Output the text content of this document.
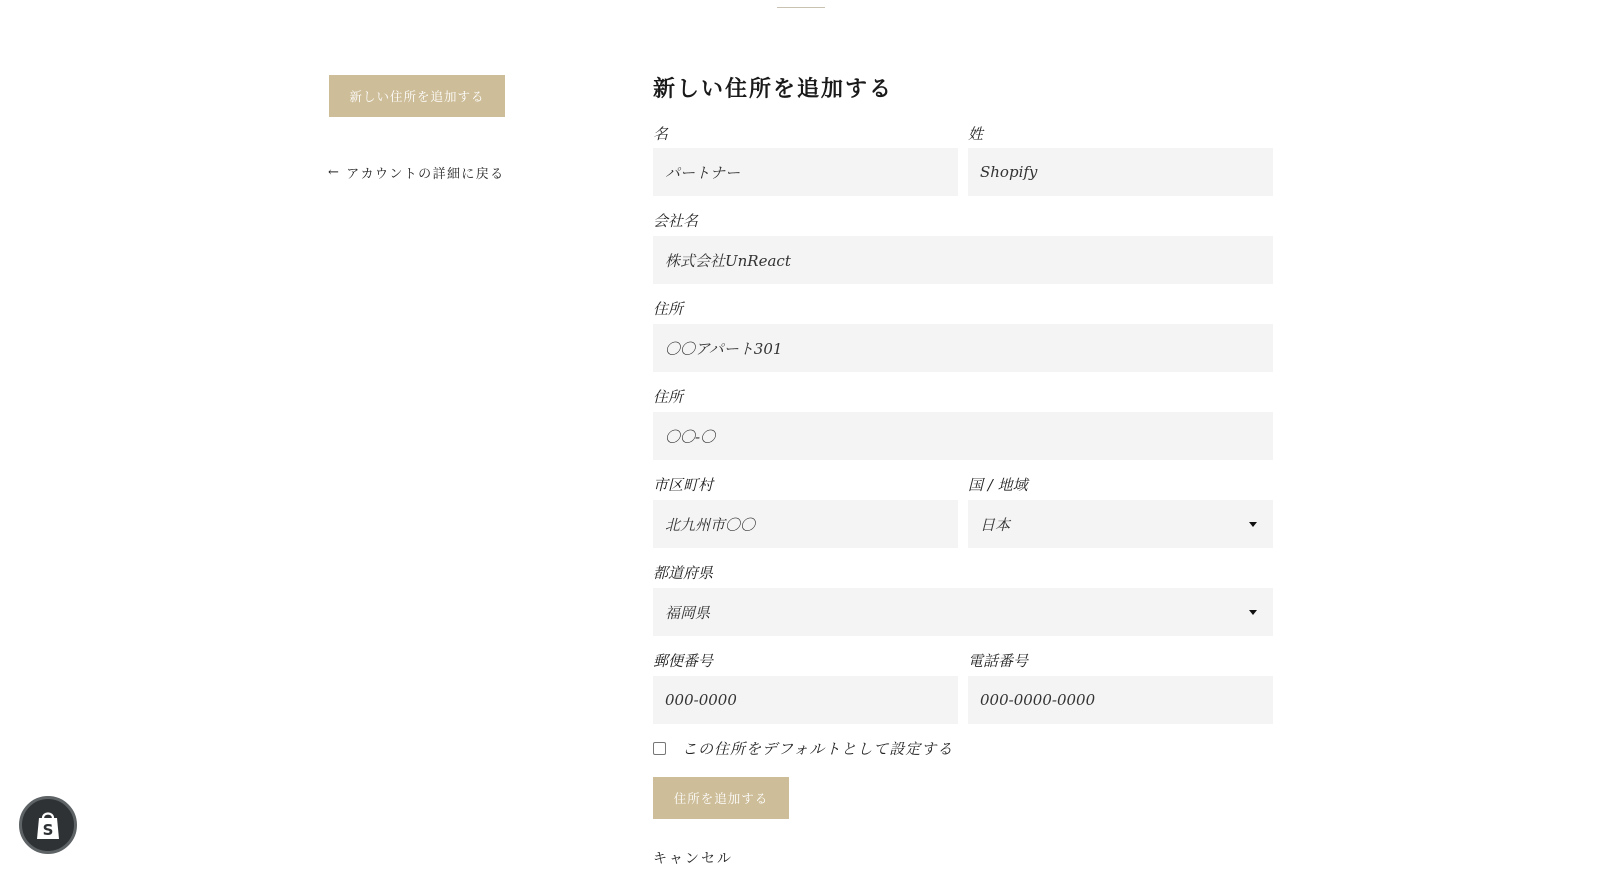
新しい住所を追加する
← アカウントの詳細に戻る
新しい住所を追加する
名	姓
パートナー	Shopify
会社名
株式会社UnReact
住所
〇〇アパート301
住所
〇〇-〇
市区町村	国 / 地域
北九州市〇〇	日本
都道府県
福岡県
郵便番号	電話番号
000-0000	000-0000-0000
この住所をデフォルトとして設定する
住所を追加する
キャンセル
S
